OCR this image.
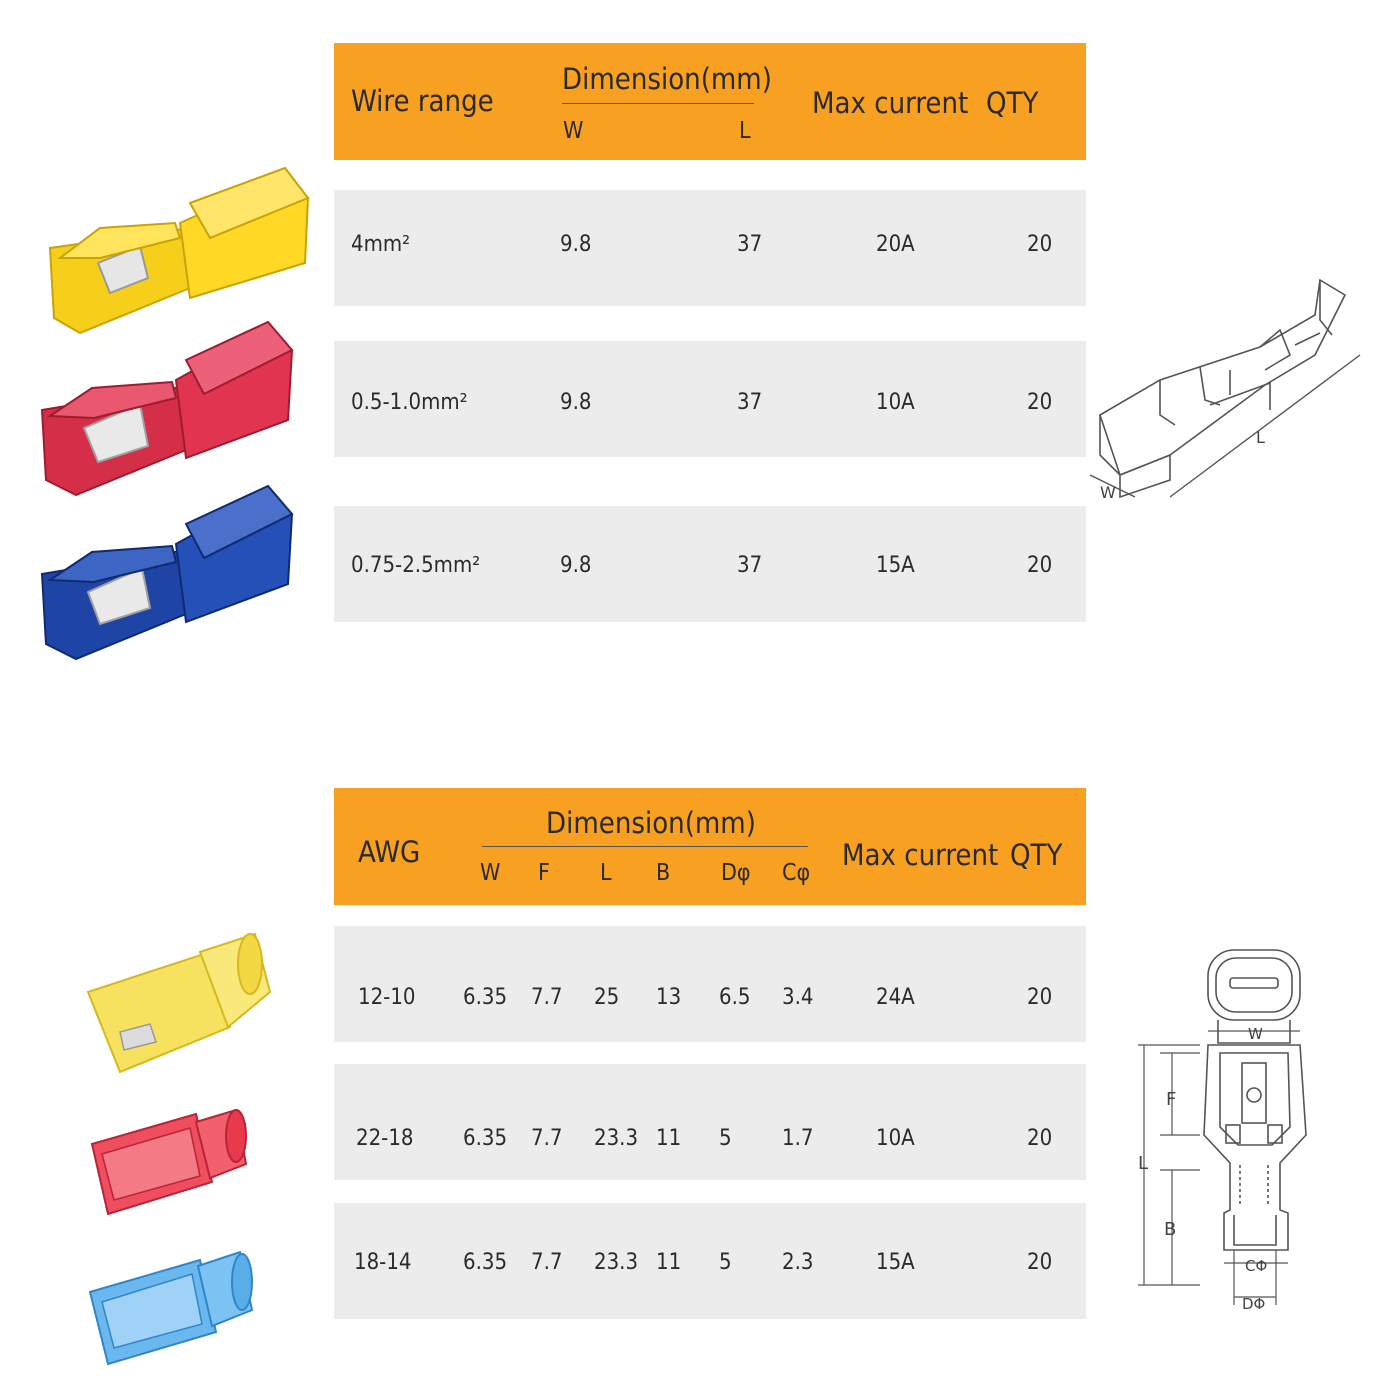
Wire range
Dimension(mm)
W	L
Max current QTY
4mm²	9.8	37	20A	20
0.5-1.0mm²	9.8	37	10A	20
0.75-2.5mm²	9.8	37	15A	20
L
W
AWG
Dimension(mm)
W F L B Dφ Cφ
Max current QTY
12-10 6.35 7.7 25 13 6.5 3.4	24A	20
22-18 6.35 7.7 23.3 11 5 1.7	10A	20
18-14 6.35 7.7 23.3 11 5 2.3	15A	20
W
F
L
B
CΦ
DΦ
